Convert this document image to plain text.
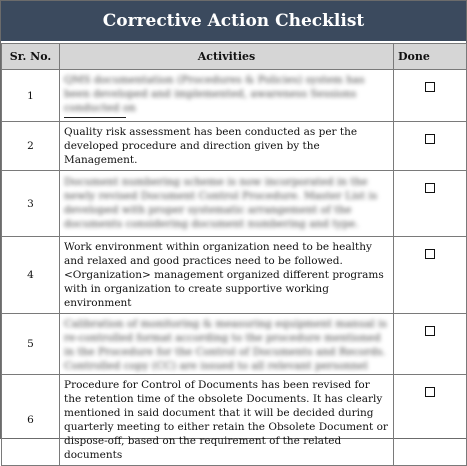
Corrective Action Checklist
Sr. No.	Activities	Done
1	QMS documentation (Procedures & Policies) system has been developed and implemented, awareness Sessions conducted on

2	Quality risk assessment has been conducted as per the developed procedure and direction given by the Management.	
3	Document numbering scheme is now incorporated in the newly revised Document Control Procedure. Master List is developed with proper systematic arrangement of the documents considering document numbering and type.	

4	Work environment within organization need to be healthy and relaxed and good practices need to be followed. <Organization> management organized different programs with in organization to create supportive working environment	
5	Calibration of monitoring & measuring equipment manual is re-controlled format according to the procedure mentioned in the Procedure for the Control of Documents and Records. Controlled copy (CC) are issued to all relevant personnel	

6	Procedure for Control of Documents has been revised for the retention time of the obsolete Documents. It has clearly mentioned in said document that it will be decided during quarterly meeting to either retain the Obsolete Document or dispose-off, based on the requirement of the related documents	
